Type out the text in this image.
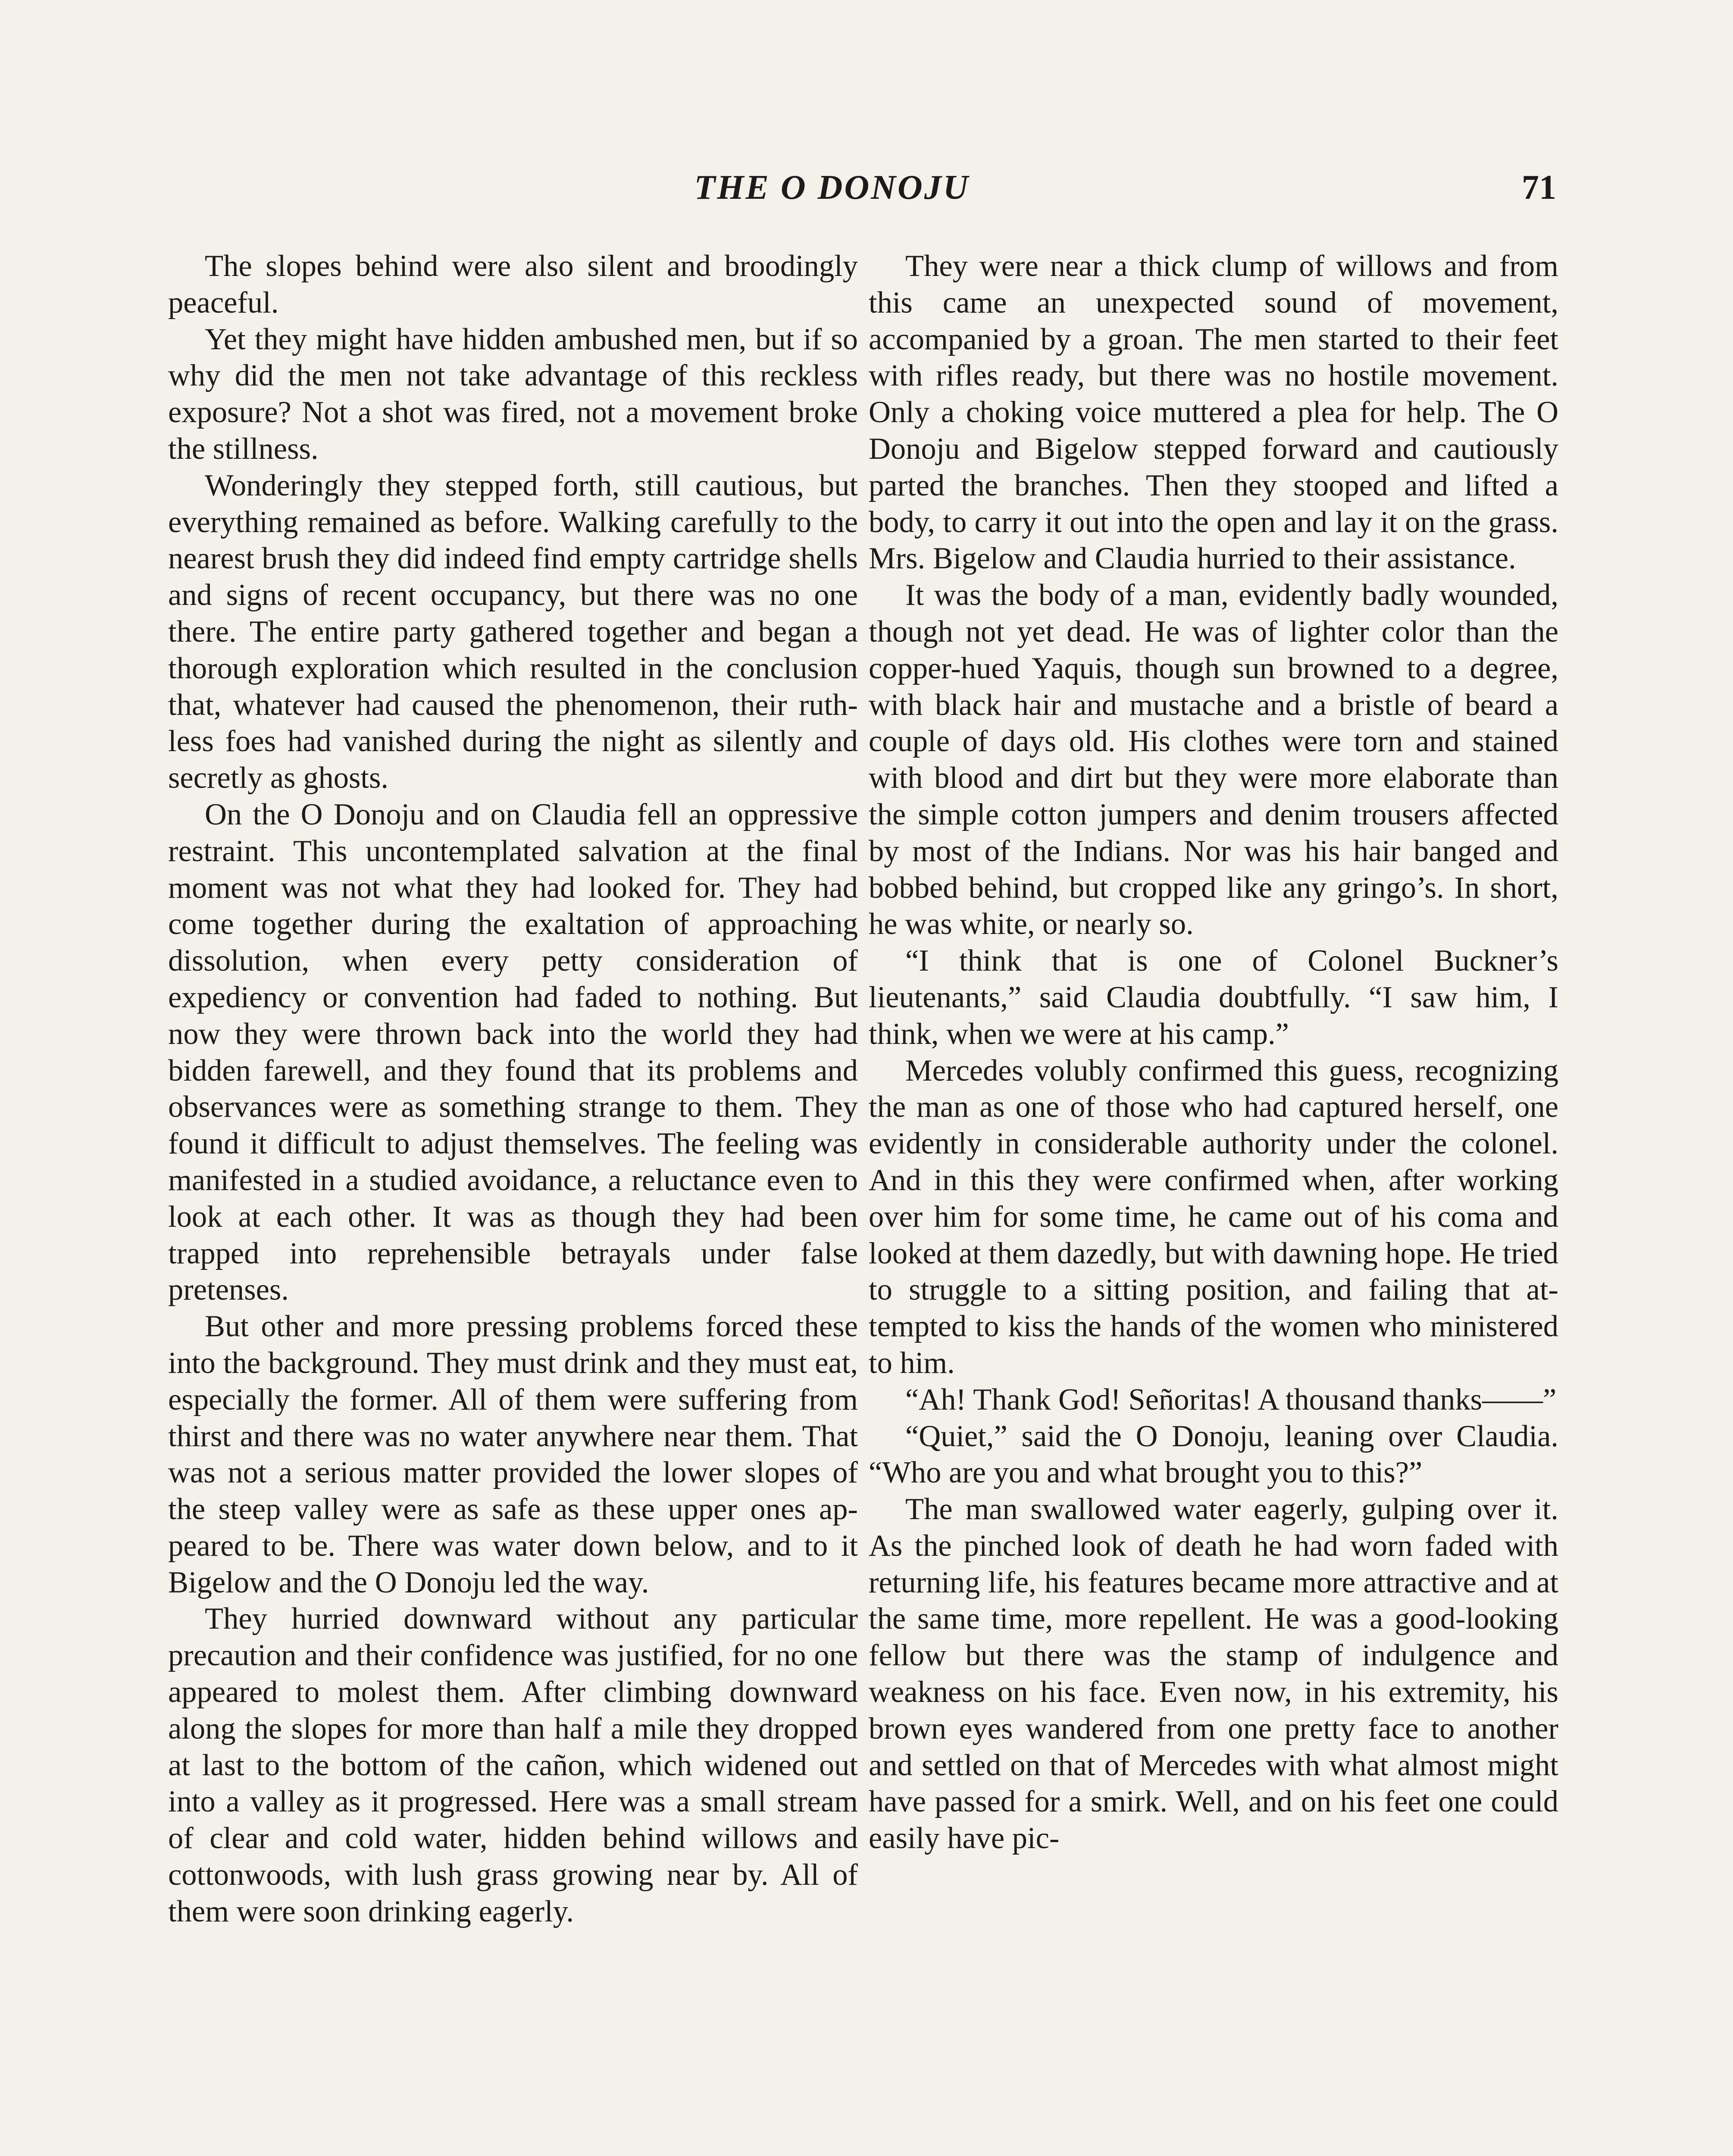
THE O DONOJU	71

The slopes behind were also silent and broodingly peaceful.

Yet they might have hidden ambushed men, but if so why did the men not take advantage of this reckless exposure? Not a shot was fired, not a movement broke the stillness.

Wonderingly they stepped forth, still cautious, but everything remained as before. Walking carefully to the nearest brush they did indeed find empty cartridge shells and signs of recent occupancy, but there was no one there. The entire party gathered together and began a thorough exploration which resulted in the conclusion that, whatever had caused the phenomenon, their ruthless foes had vanished during the night as silently and secretly as ghosts.

On the O Donoju and on Claudia fell an oppressive restraint. This uncontemplated salvation at the final moment was not what they had looked for. They had come together during the exaltation of approaching dissolution, when every petty consideration of expediency or convention had faded to nothing. But now they were thrown back into the world they had bidden farewell, and they found that its problems and observances were as something strange to them. They found it difficult to adjust themselves. The feeling was manifested in a studied avoidance, a reluctance even to look at each other. It was as though they had been trapped into reprehensible betrayals under false pretenses.

But other and more pressing problems forced these into the background. They must drink and they must eat, especially the former. All of them were suffering from thirst and there was no water anywhere near them. That was not a serious matter provided the lower slopes of the steep valley were as safe as these upper ones appeared to be. There was water down below, and to it Bigelow and the O Donoju led the way.

They hurried downward without any particular precaution and their confidence was justified, for no one appeared to molest them. After climbing downward along the slopes for more than half a mile they dropped at last to the bottom of the cañon, which widened out into a valley as it progressed. Here was a small stream of clear and cold water, hidden behind willows and cottonwoods, with lush grass growing near by. All of them were soon drinking eagerly.

They were near a thick clump of willows and from this came an unexpected sound of movement, accompanied by a groan. The men started to their feet with rifles ready, but there was no hostile movement. Only a choking voice muttered a plea for help. The O Donoju and Bigelow stepped forward and cautiously parted the branches. Then they stooped and lifted a body, to carry it out into the open and lay it on the grass. Mrs. Bigelow and Claudia hurried to their assistance.

It was the body of a man, evidently badly wounded, though not yet dead. He was of lighter color than the copper-hued Yaquis, though sun browned to a degree, with black hair and mustache and a bristle of beard a couple of days old. His clothes were torn and stained with blood and dirt but they were more elaborate than the simple cotton jumpers and denim trousers affected by most of the Indians. Nor was his hair banged and bobbed behind, but cropped like any gringo’s. In short, he was white, or nearly so.

“I think that is one of Colonel Buckner’s lieutenants,” said Claudia doubtfully. “I saw him, I think, when we were at his camp.”

Mercedes volubly confirmed this guess, recognizing the man as one of those who had captured herself, one evidently in considerable authority under the colonel. And in this they were confirmed when, after working over him for some time, he came out of his coma and looked at them dazedly, but with dawning hope. He tried to struggle to a sitting position, and failing that attempted to kiss the hands of the women who ministered to him.

“Ah! Thank God! Señoritas! A thousand thanks——”

“Quiet,” said the O Donoju, leaning over Claudia. “Who are you and what brought you to this?”

The man swallowed water eagerly, gulping over it. As the pinched look of death he had worn faded with returning life, his features became more attractive and at the same time, more repellent. He was a good-looking fellow but there was the stamp of indulgence and weakness on his face. Even now, in his extremity, his brown eyes wandered from one pretty face to another and settled on that of Mercedes with what almost might have passed for a smirk. Well, and on his feet one could easily have pic-
